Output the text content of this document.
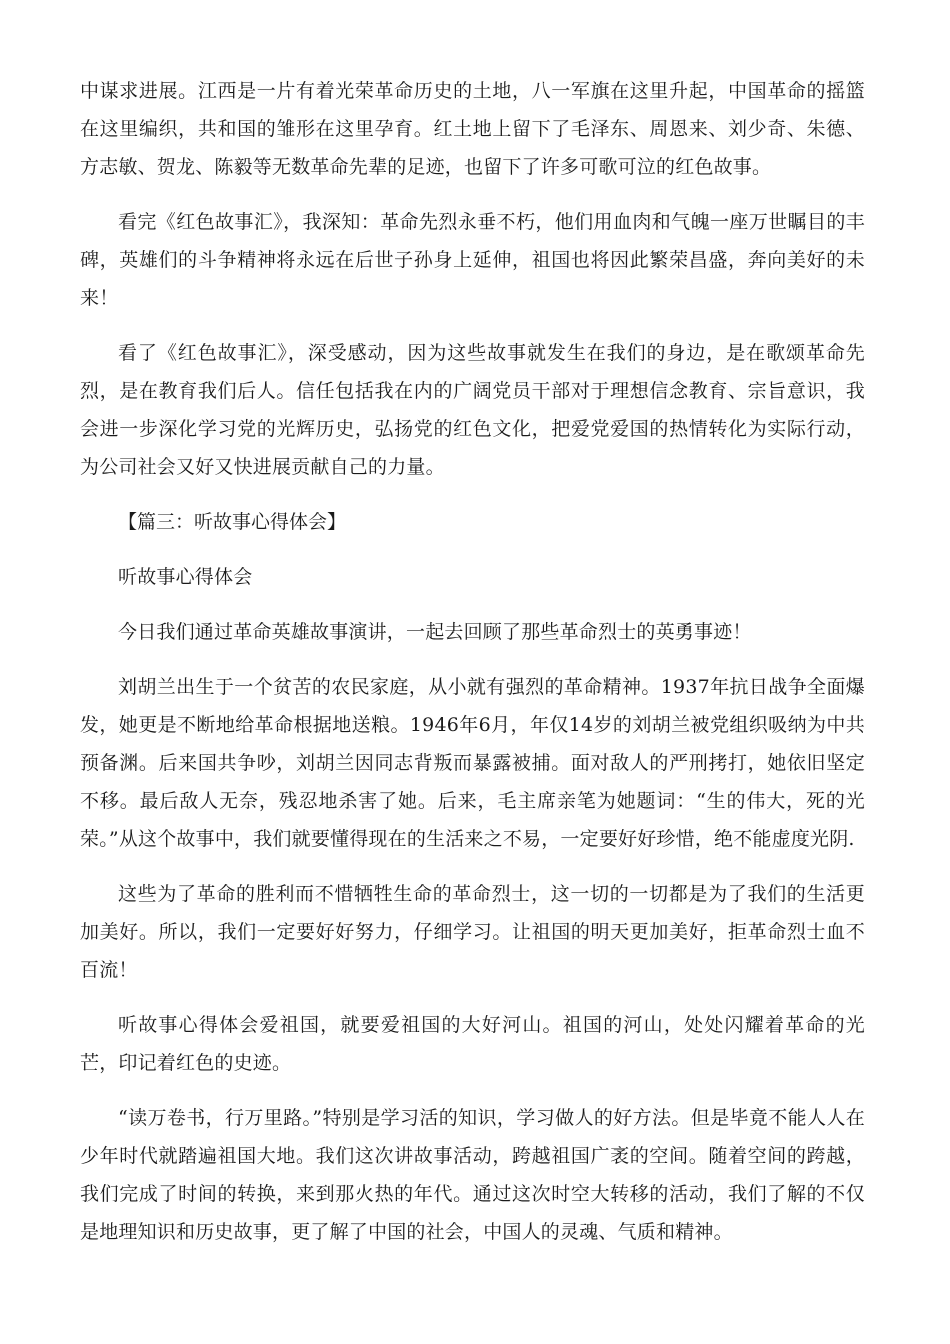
中谋求进展。江西是一片有着光荣革命历史的土地，八一军旗在这里升起，中国革命的摇篮在这里编织，共和国的雏形在这里孕育。红土地上留下了毛泽东、周恩来、刘少奇、朱德、方志敏、贺龙、陈毅等无数革命先辈的足迹，也留下了许多可歌可泣的红色故事。

看完《红色故事汇》，我深知：革命先烈永垂不朽，他们用血肉和气魄一座万世瞩目的丰碑，英雄们的斗争精神将永远在后世子孙身上延伸，祖国也将因此繁荣昌盛，奔向美好的未来！

看了《红色故事汇》，深受感动，因为这些故事就发生在我们的身边，是在歌颂革命先烈，是在教育我们后人。信任包括我在内的广阔党员干部对于理想信念教育、宗旨意识，我会进一步深化学习党的光辉历史，弘扬党的红色文化，把爱党爱国的热情转化为实际行动，为公司社会又好又快进展贡献自己的力量。

【篇三：听故事心得体会】

听故事心得体会

今日我们通过革命英雄故事演讲，一起去回顾了那些革命烈士的英勇事迹！

刘胡兰出生于一个贫苦的农民家庭，从小就有强烈的革命精神。1937年抗日战争全面爆发，她更是不断地给革命根据地送粮。1946年6月，年仅14岁的刘胡兰被党组织吸纳为中共预备渊。后来国共争吵，刘胡兰因同志背叛而暴露被捕。面对敌人的严刑拷打，她依旧坚定不移。最后敌人无奈，残忍地杀害了她。后来，毛主席亲笔为她题词：“生的伟大，死的光荣。”从这个故事中，我们就要懂得现在的生活来之不易，一定要好好珍惜，绝不能虚度光阴.

这些为了革命的胜利而不惜牺牲生命的革命烈士，这一切的一切都是为了我们的生活更加美好。所以，我们一定要好好努力，仔细学习。让祖国的明天更加美好，拒革命烈士血不百流！

听故事心得体会爱祖国，就要爱祖国的大好河山。祖国的河山，处处闪耀着革命的光芒，印记着红色的史迹。

“读万卷书，行万里路。”特别是学习活的知识，学习做人的好方法。但是毕竟不能人人在少年时代就踏遍祖国大地。我们这次讲故事活动，跨越祖国广袤的空间。随着空间的跨越，我们完成了时间的转换，来到那火热的年代。通过这次时空大转移的活动，我们了解的不仅是地理知识和历史故事，更了解了中国的社会，中国人的灵魂、气质和精神。
